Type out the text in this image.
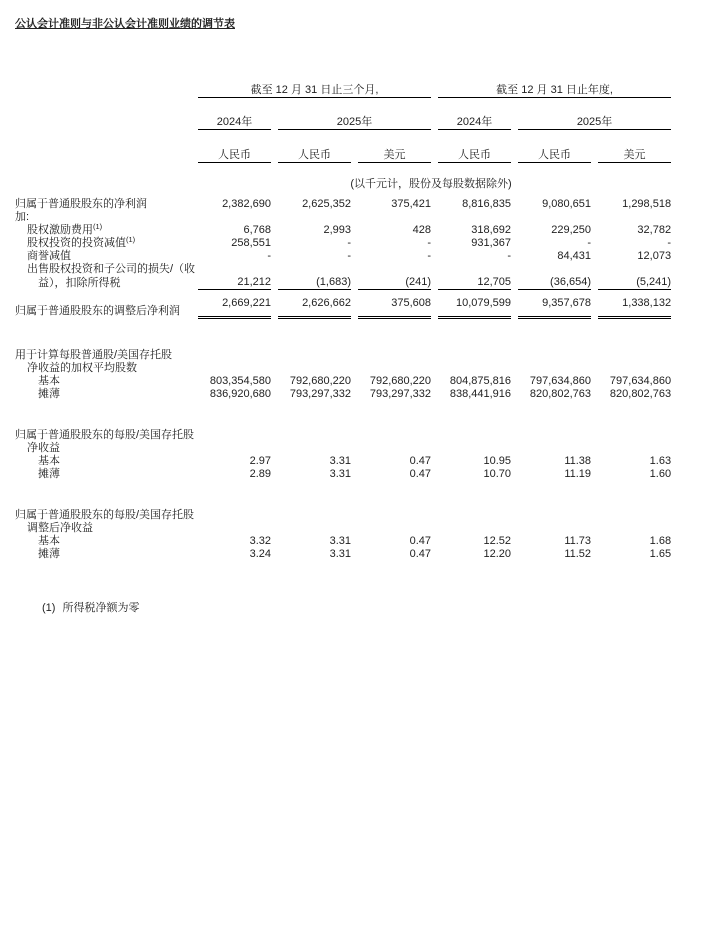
公认会计准则与非公认会计准则业绩的调节表
		截至 12 月 31 日止三个月,						截至 12 月 31 日止年度,				
		2024年		2025年				2024年		2025年		
		人民币		人民币		美元		人民币		人民币		美元
	(以千元计，股份及每股数据除外)											
归属于普通股股东的净利润		2,382,690		2,625,352		375,421		8,816,835		9,080,651		1,298,518
加:												
股权激励费用$^{(1)}$		6,768		2,993		428		318,692		229,250		32,782
股权投资的投资减值$^{(1)}$		258,551		-		-		931,367		-		-
商誉减值		-		-		-		-		84,431		12,073
出售股权投资和子公司的损失/（收												
益），扣除所得税		21,212		(1,683)		(241)		12,705		(36,654)		(5,241)
归属于普通股股东的调整后净利润		2,669,221		2,626,662		375,608		10,079,599		9,357,678		1,338,132

用于计算每股普通股/美国存托股												
净收益的加权平均股数												
基本		803,354,580		792,680,220		792,680,220		804,875,816		797,634,860		797,634,860
摊薄		836,920,680		793,297,332		793,297,332		838,441,916		820,802,763		820,802,763

归属于普通股股东的每股/美国存托股												
净收益												
基本		2.97		3.31		0.47		10.95		11.38		1.63
摊薄		2.89		3.31		0.47		10.70		11.19		1.60

归属于普通股股东的每股/美国存托股												
调整后净收益												
基本		3.32		3.31		0.47		12.52		11.73		1.68
摊薄		3.24		3.31		0.47		12.20		11.52		1.65
(1) 所得税净额为零
